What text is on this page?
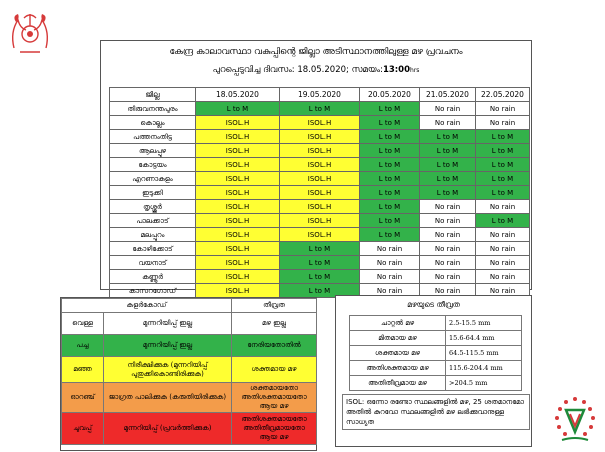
കേന്ദ്ര കാലാവസ്ഥാ വകുപ്പിന്റെ ജില്ലാ അടിസ്ഥാനത്തിലുള്ള മഴ പ്രവചനം
പുറപ്പെടുവിച്ച ദിവസം: 18.05.2020; സമയം:13:00hrs
ജില്ല	18.05.2020	19.05.2020	20.05.2020	21.05.2020	22.05.2020
തിരുവനന്തപുരം	L to M	L to M	L to M	No rain	No rain
കൊല്ലം	ISOL.H	ISOL.H	L to M	No rain	No rain
പത്തനംതിട്ട	ISOL.H	ISOL.H	L to M	L to M	L to M
ആലപ്പുഴ	ISOL.H	ISOL.H	L to M	L to M	L to M
കോട്ടയം	ISOL.H	ISOL.H	L to M	L to M	L to M
എറണാകുളം	ISOL.H	ISOL.H	L to M	L to M	L to M
ഇടുക്കി	ISOL.H	ISOL.H	L to M	L to M	L to M
തൃശ്ശൂർ	ISOL.H	ISOL.H	L to M	No rain	No rain
പാലക്കാട്	ISOL.H	ISOL.H	L to M	No rain	L to M
മലപ്പുറം	ISOL.H	ISOL.H	L to M	No rain	No rain
കോഴിക്കോട്	ISOL.H	L to M	No rain	No rain	No rain
വയനാട്	ISOL.H	L to M	No rain	No rain	No rain
കണ്ണൂർ	ISOL.H	L to M	No rain	No rain	No rain
കാസറഗോഡ്	ISOL.H	L to M	No rain	No rain	No rain
കളർകോഡ്		തീവ്രത
വെള്ള	മുന്നറിയിപ്പ് ഇല്ല	മഴ ഇല്ല
പച്ച	മുന്നറിയിപ്പ് ഇല്ല	നേരിയതോതിൽ
മഞ്ഞ	നിരീക്ഷിക്കുക (മുന്നറിയിപ്പ് പുതുക്കികൊണ്ടിരിക്കുക)	ശക്തമായ മഴ
ഓറഞ്ച്	ജാഗ്രത പാലിക്കുക (കരുതിയിരിക്കുക)	ശക്തമായതോ അതിശക്തമായതോ ആയ മഴ
ചുവപ്പ്	മുന്നറിയിപ്പ് (പ്രവർത്തിക്കുക)	അതിശക്തമായതോ അതിതീവ്രമായതോ ആയ മഴ
മഴയുടെ തീവ്രത
ചാറ്റൽ മഴ	2.5-15.5 mm
മിതമായ മഴ	15.6-64.4 mm
ശക്തമായ മഴ	64.5-115.5 mm
അതിശക്തമായ മഴ	115.6-204.4 mm
അതിതീവ്രമായ മഴ	>204.5 mm
ISOL: ഒന്നോ രണ്ടോ സ്ഥലങ്ങളിൽ മഴ, 25 ശതമാനമോ അതിൽ കുറവോ സ്ഥലങ്ങളിൽ മഴ ലഭിക്കുവാനുള്ള സാധ്യത
